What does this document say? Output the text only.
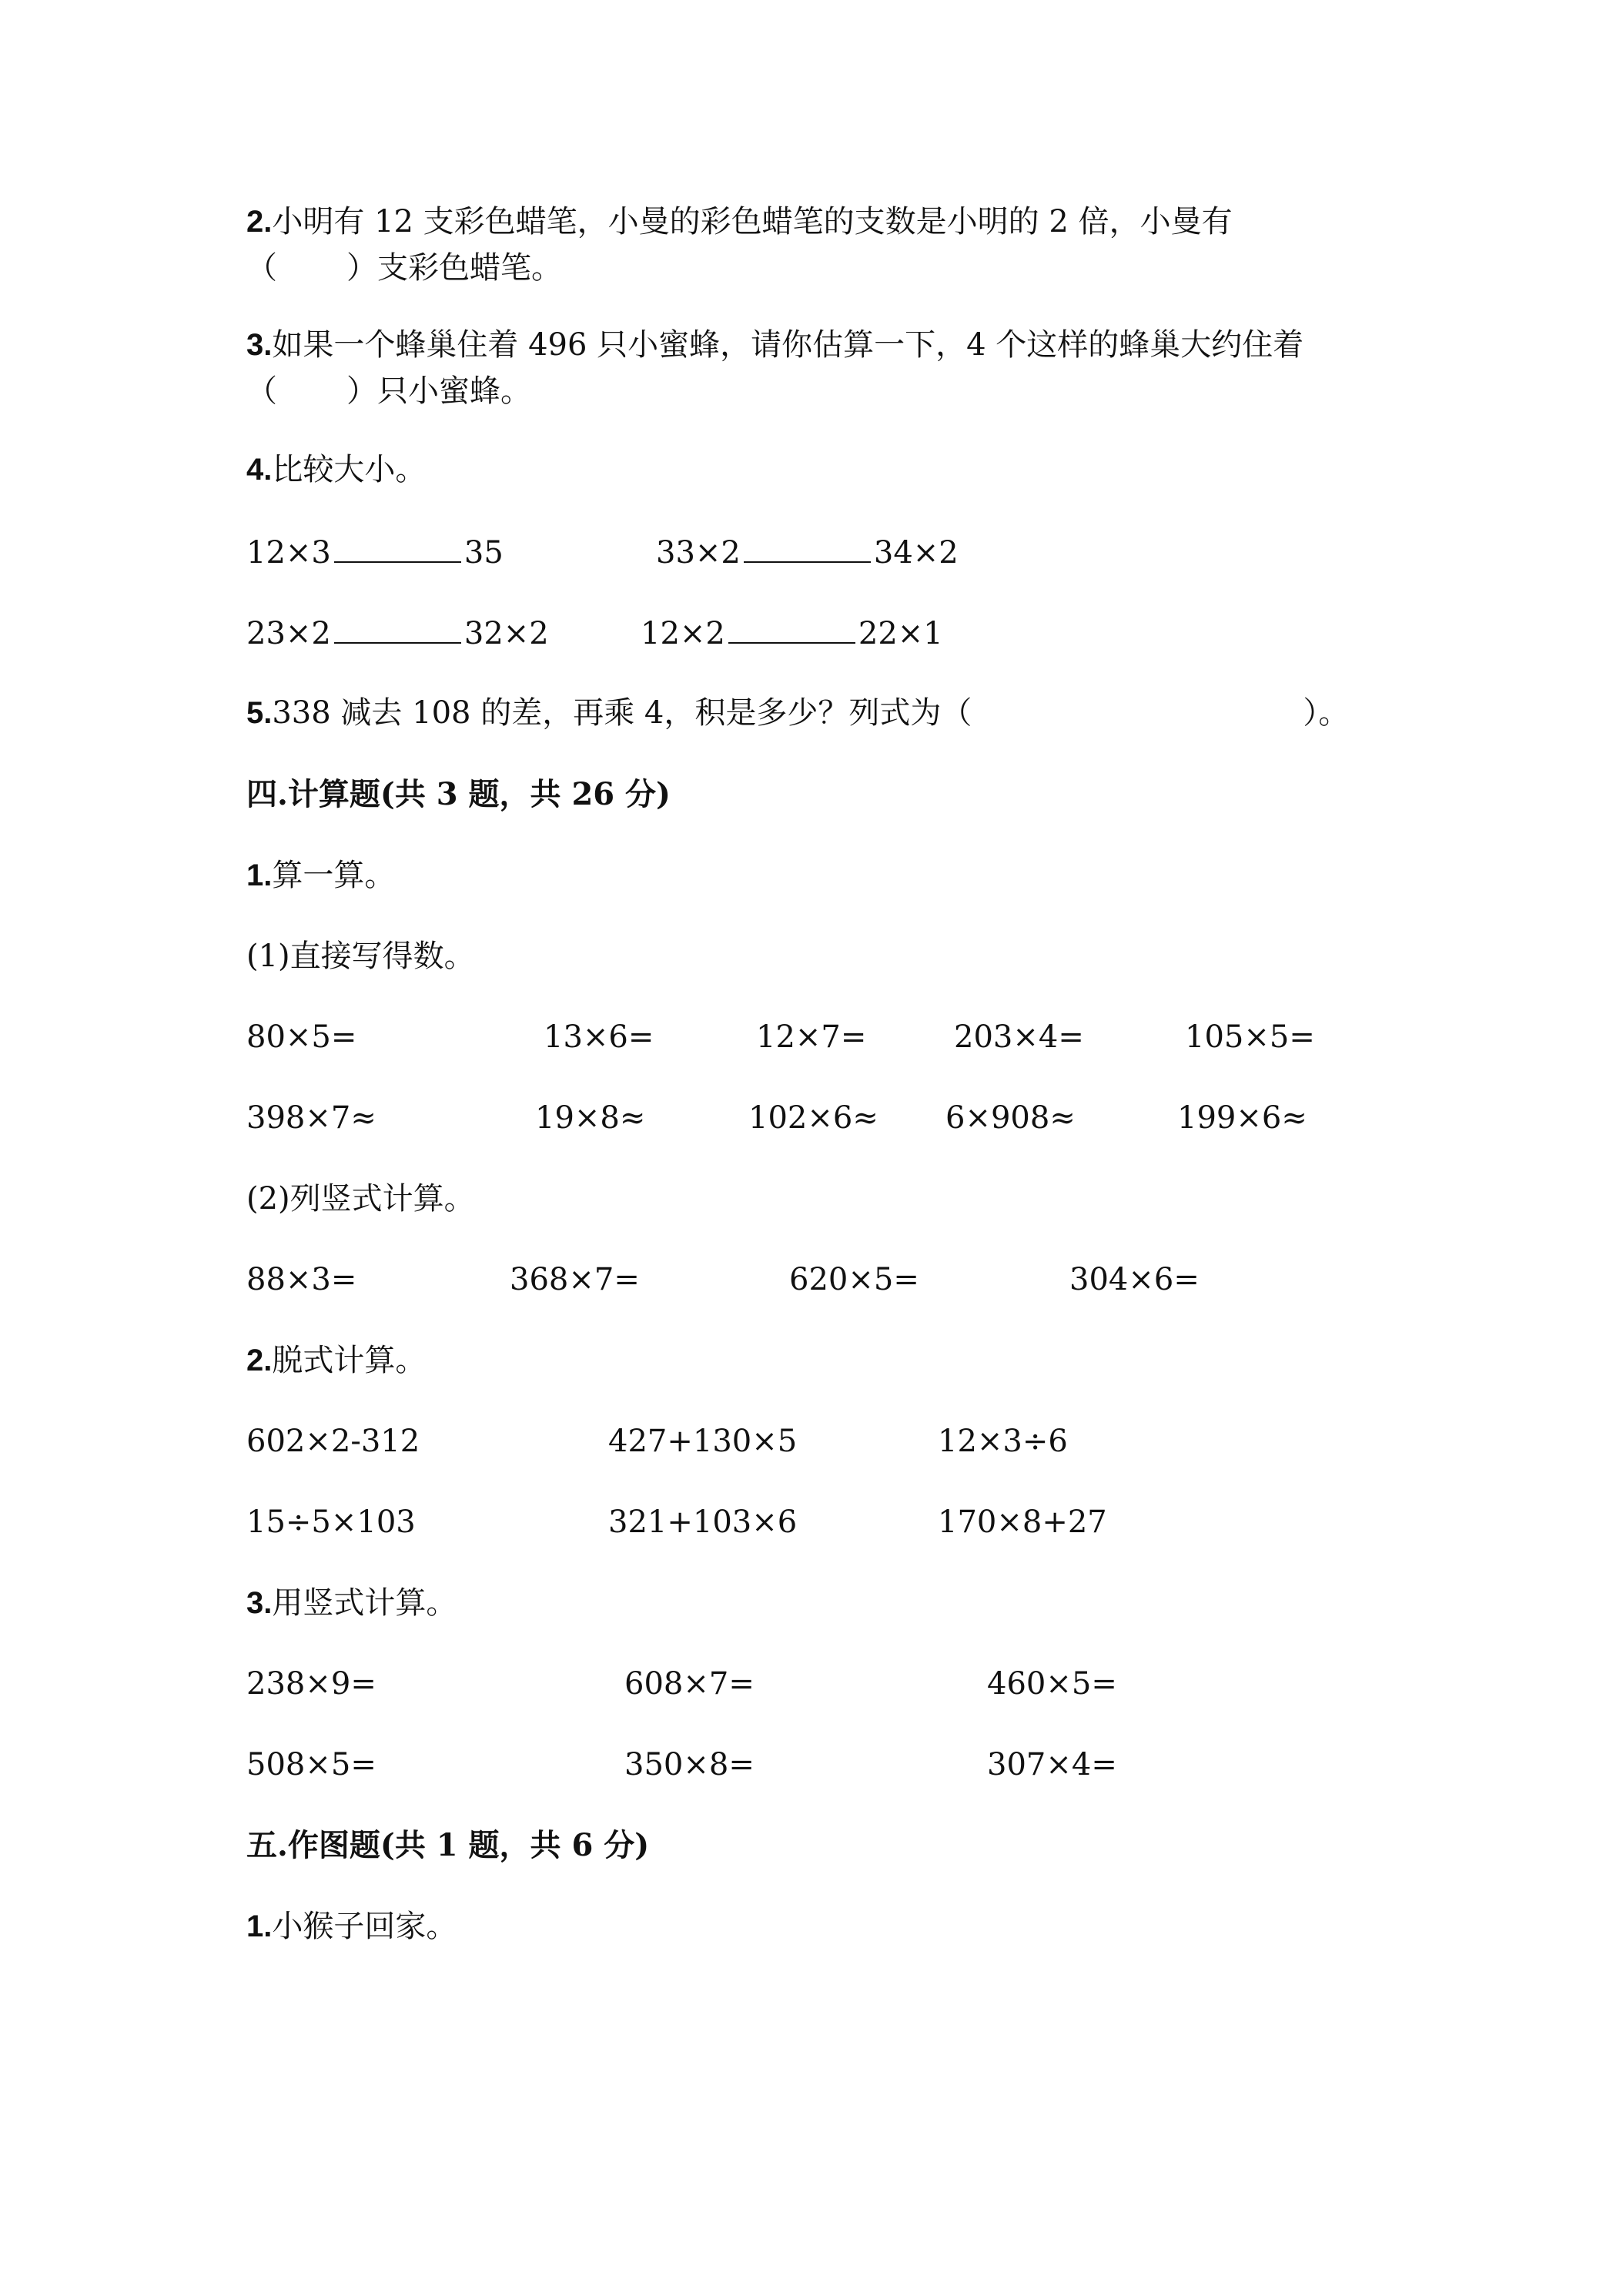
2.小明有 12 支彩色蜡笔，小曼的彩色蜡笔的支数是小明的 2 倍，小曼有
（ ）支彩色蜡笔。
3.如果一个蜂巢住着 496 只小蜜蜂，请你估算一下，4 个这样的蜂巢大约住着
（ ）只小蜜蜂。
4.比较大小。
12×3	35	33×2	34×2
23×2	32×2	12×2	22×1
5.338 减去 108 的差，再乘 4，积是多少？列式为（	）。
四.计算题(共 3 题，共 26 分)
1.算一算。
(1)直接写得数。
80×5=	13×6=	12×7=	203×4=	105×5=
398×7≈	19×8≈	102×6≈ 6×908≈	199×6≈
(2)列竖式计算。
88×3=	368×7=	620×5=	304×6=
2.脱式计算。
602×2-312	427+130×5	12×3÷6
15÷5×103	321+103×6	170×8+27
3.用竖式计算。
238×9=	608×7=	460×5=
508×5=	350×8=	307×4=
五.作图题(共 1 题，共 6 分)
1.小猴子回家。
